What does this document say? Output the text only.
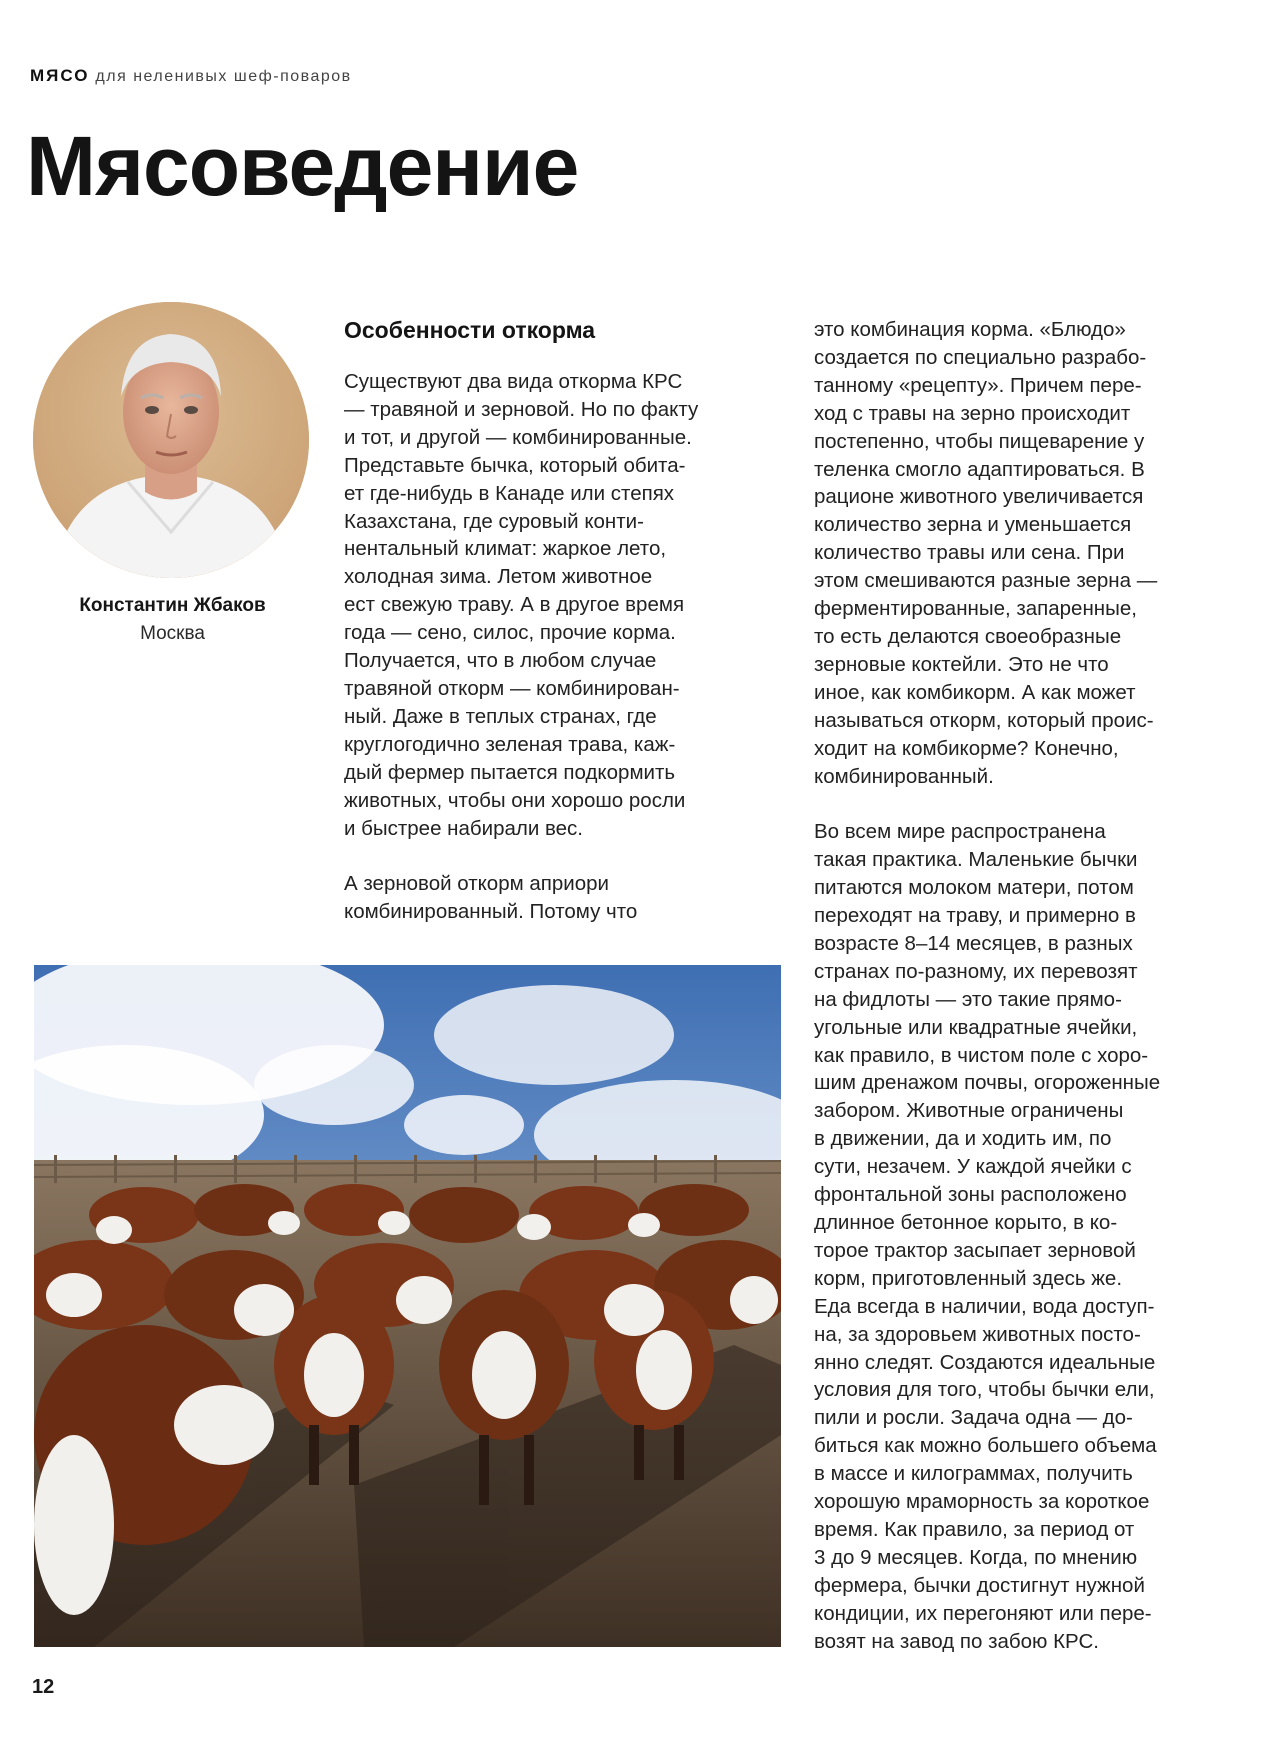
МЯСО для неленивых шеф-поваров
Мясоведение
Константин Жбаков
Москва
Особенности откорма

Существуют два вида откорма КРС
— травяной и зерновой. Но по факту
и тот, и другой — комбинированные.
Представьте бычка, который обита-
ет где-нибудь в Канаде или степях
Казахстана, где суровый конти-
нентальный климат: жаркое лето,
холодная зима. Летом животное
ест свежую траву. А в другое время
года — сено, силос, прочие корма.
Получается, что в любом случае
травяной откорм — комбинирован-
ный. Даже в теплых странах, где
круглогодично зеленая трава, каж-
дый фермер пытается подкормить
животных, чтобы они хорошо росли
и быстрее набирали вес.

А зерновой откорм априори
комбинированный. Потому что

это комбинация корма. «Блюдо»
создается по специально разрабо-
танному «рецепту». Причем пере-
ход с травы на зерно происходит
постепенно, чтобы пищеварение у
теленка смогло адаптироваться. В
рационе животного увеличивается
количество зерна и уменьшается
количество травы или сена. При
этом смешиваются разные зерна —
ферментированные, запаренные,
то есть делаются своеобразные
зерновые коктейли. Это не что
иное, как комбикорм. А как может
называться откорм, который проис-
ходит на комбикорме? Конечно,
комбинированный.

Во всем мире распространена
такая практика. Маленькие бычки
питаются молоком матери, потом
переходят на траву, и примерно в
возрасте 8–14 месяцев, в разных
странах по-разному, их перевозят
на фидлоты — это такие прямо-
угольные или квадратные ячейки,
как правило, в чистом поле с хоро-
шим дренажом почвы, огороженные
забором. Животные ограничены
в движении, да и ходить им, по
сути, незачем. У каждой ячейки с
фронтальной зоны расположено
длинное бетонное корыто, в ко-
торое трактор засыпает зерновой
корм, приготовленный здесь же.
Еда всегда в наличии, вода доступ-
на, за здоровьем животных посто-
янно следят. Создаются идеальные
условия для того, чтобы бычки ели,
пили и росли. Задача одна — до-
биться как можно большего объема
в массе и килограммах, получить
хорошую мраморность за короткое
время. Как правило, за период от
3 до 9 месяцев. Когда, по мнению
фермера, бычки достигнут нужной
кондиции, их перегоняют или пере-
возят на завод по забою КРС.

12
